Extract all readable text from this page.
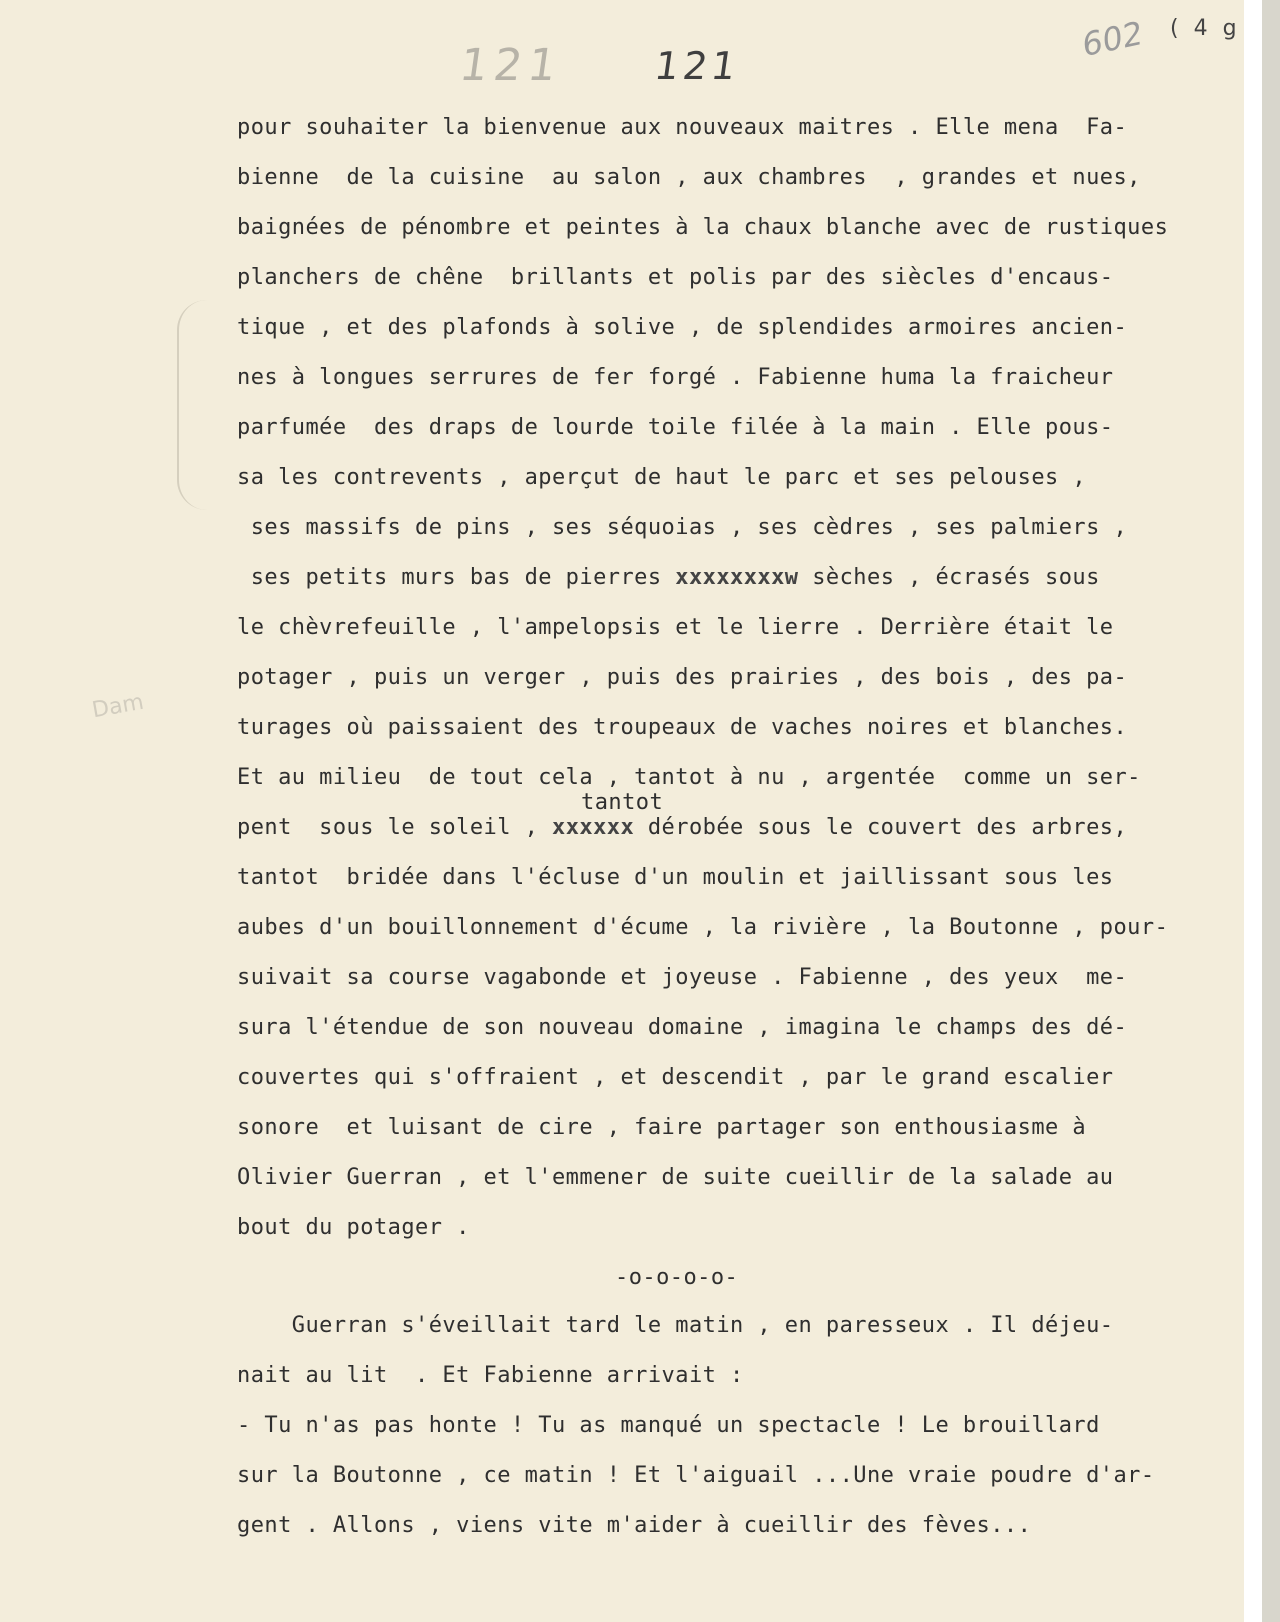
121 121
602 ( 4 g
Dam
tantot
pour souhaiter la bienvenue aux nouveaux maitres . Elle mena  Fa-
bienne  de la cuisine  au salon , aux chambres  , grandes et nues,
baignées de pénombre et peintes à la chaux blanche avec de rustiques
planchers de chêne  brillants et polis par des siècles d'encaus-
tique , et des plafonds à solive , de splendides armoires ancien-
nes à longues serrures de fer forgé . Fabienne huma la fraicheur
parfumée  des draps de lourde toile filée à la main . Elle pous-
sa les contrevents , aperçut de haut le parc et ses pelouses ,
ses massifs de pins , ses séquoias , ses cèdres , ses palmiers ,
ses petits murs bas de pierres xxxxxxxxw sèches , écrasés sous
le chèvrefeuille , l'ampelopsis et le lierre . Derrière était le
potager , puis un verger , puis des prairies , des bois , des pa-
turages où paissaient des troupeaux de vaches noires et blanches.
Et au milieu  de tout cela , tantot à nu , argentée  comme un ser-
pent  sous le soleil , xxxxxx dérobée sous le couvert des arbres,
tantot  bridée dans l'écluse d'un moulin et jaillissant sous les
aubes d'un bouillonnement d'écume , la rivière , la Boutonne , pour-
suivait sa course vagabonde et joyeuse . Fabienne , des yeux  me-
sura l'étendue de son nouveau domaine , imagina le champs des dé-
couvertes qui s'offraient , et descendit , par le grand escalier
sonore  et luisant de cire , faire partager son enthousiasme à
Olivier Guerran , et l'emmener de suite cueillir de la salade au
bout du potager .
-o-o-o-o-
Guerran s'éveillait tard le matin , en paresseux . Il déjeu-
nait au lit  . Et Fabienne arrivait :
- Tu n'as pas honte ! Tu as manqué un spectacle ! Le brouillard
sur la Boutonne , ce matin ! Et l'aiguail ...Une vraie poudre d'ar-
gent . Allons , viens vite m'aider à cueillir des fèves...
